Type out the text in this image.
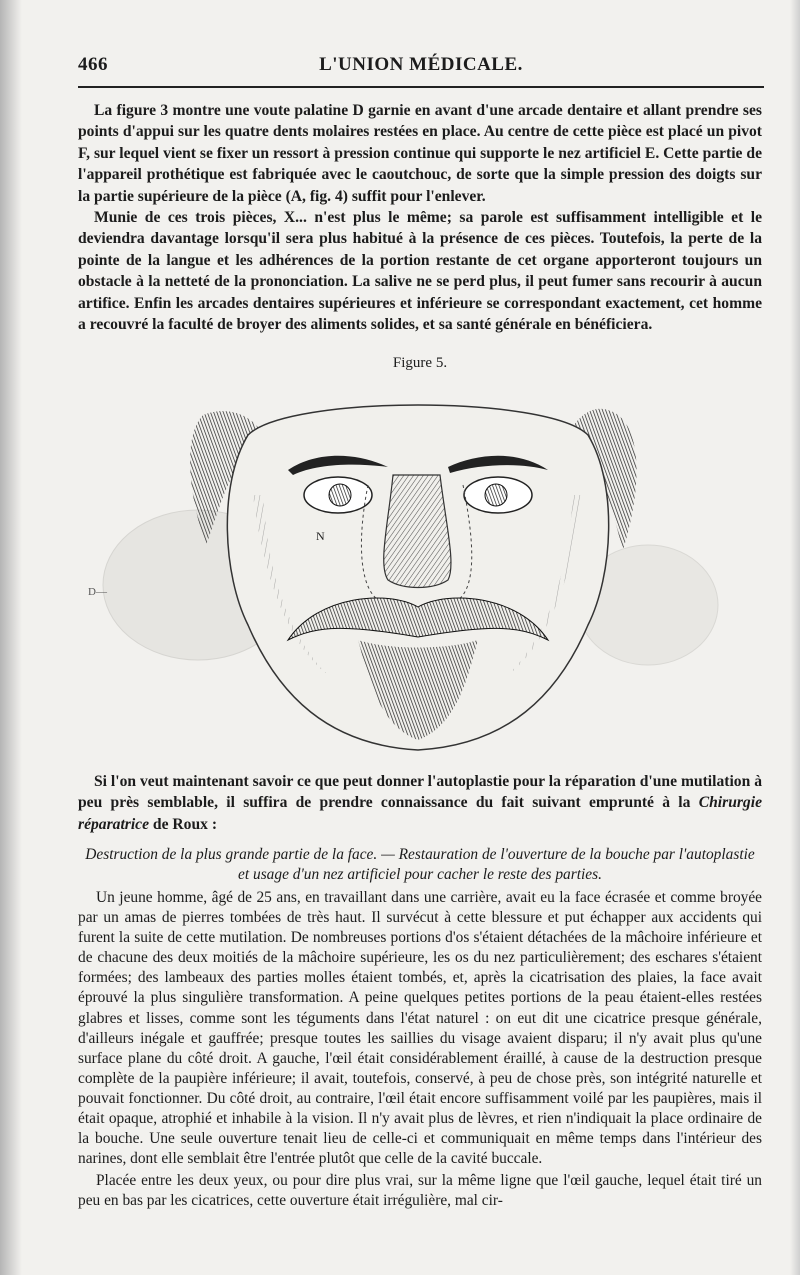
466	L'UNION MÉDICALE.

La figure 3 montre une voute palatine D garnie en avant d'une arcade dentaire et allant prendre ses points d'appui sur les quatre dents molaires restées en place. Au centre de cette pièce est placé un pivot F, sur lequel vient se fixer un ressort à pression continue qui supporte le nez artificiel E. Cette partie de l'appareil prothétique est fabriquée avec le caoutchouc, de sorte que la simple pression des doigts sur la partie supérieure de la pièce (A, fig. 4) suffit pour l'enlever.

Munie de ces trois pièces, X... n'est plus le même; sa parole est suffisamment intelligible et le deviendra davantage lorsqu'il sera plus habitué à la présence de ces pièces. Toutefois, la perte de la pointe de la langue et les adhérences de la portion restante de cet organe apporteront toujours un obstacle à la netteté de la prononciation. La salive ne se perd plus, il peut fumer sans recourir à aucun artifice. Enfin les arcades dentaires supérieures et inférieure se correspondant exactement, cet homme a recouvré la faculté de broyer des aliments solides, et sa santé générale en bénéficiera.

Figure 5.
N
D—

Si l'on veut maintenant savoir ce que peut donner l'autoplastie pour la réparation d'une mutilation à peu près semblable, il suffira de prendre connaissance du fait suivant emprunté à la Chirurgie réparatrice de Roux :

Destruction de la plus grande partie de la face. — Restauration de l'ouverture de la bouche par l'autoplastie et usage d'un nez artificiel pour cacher le reste des parties.

Un jeune homme, âgé de 25 ans, en travaillant dans une carrière, avait eu la face écrasée et comme broyée par un amas de pierres tombées de très haut. Il survécut à cette blessure et put échapper aux accidents qui furent la suite de cette mutilation. De nombreuses portions d'os s'étaient détachées de la mâchoire inférieure et de chacune des deux moitiés de la mâchoire supérieure, les os du nez particulièrement; des eschares s'étaient formées; des lambeaux des parties molles étaient tombés, et, après la cicatrisation des plaies, la face avait éprouvé la plus singulière transformation. A peine quelques petites portions de la peau étaient-elles restées glabres et lisses, comme sont les téguments dans l'état naturel : on eut dit une cicatrice presque générale, d'ailleurs inégale et gauffrée; presque toutes les saillies du visage avaient disparu; il n'y avait plus qu'une surface plane du côté droit. A gauche, l'œil était considérablement éraillé, à cause de la destruction presque complète de la paupière inférieure; il avait, toutefois, conservé, à peu de chose près, son intégrité naturelle et pouvait fonctionner. Du côté droit, au contraire, l'œil était encore suffisamment voilé par les paupières, mais il était opaque, atrophié et inhabile à la vision. Il n'y avait plus de lèvres, et rien n'indiquait la place ordinaire de la bouche. Une seule ouverture tenait lieu de celle-ci et communiquait en même temps dans l'intérieur des narines, dont elle semblait être l'entrée plutôt que celle de la cavité buccale.

Placée entre les deux yeux, ou pour dire plus vrai, sur la même ligne que l'œil gauche, lequel était tiré un peu en bas par les cicatrices, cette ouverture était irrégulière, mal cir-
